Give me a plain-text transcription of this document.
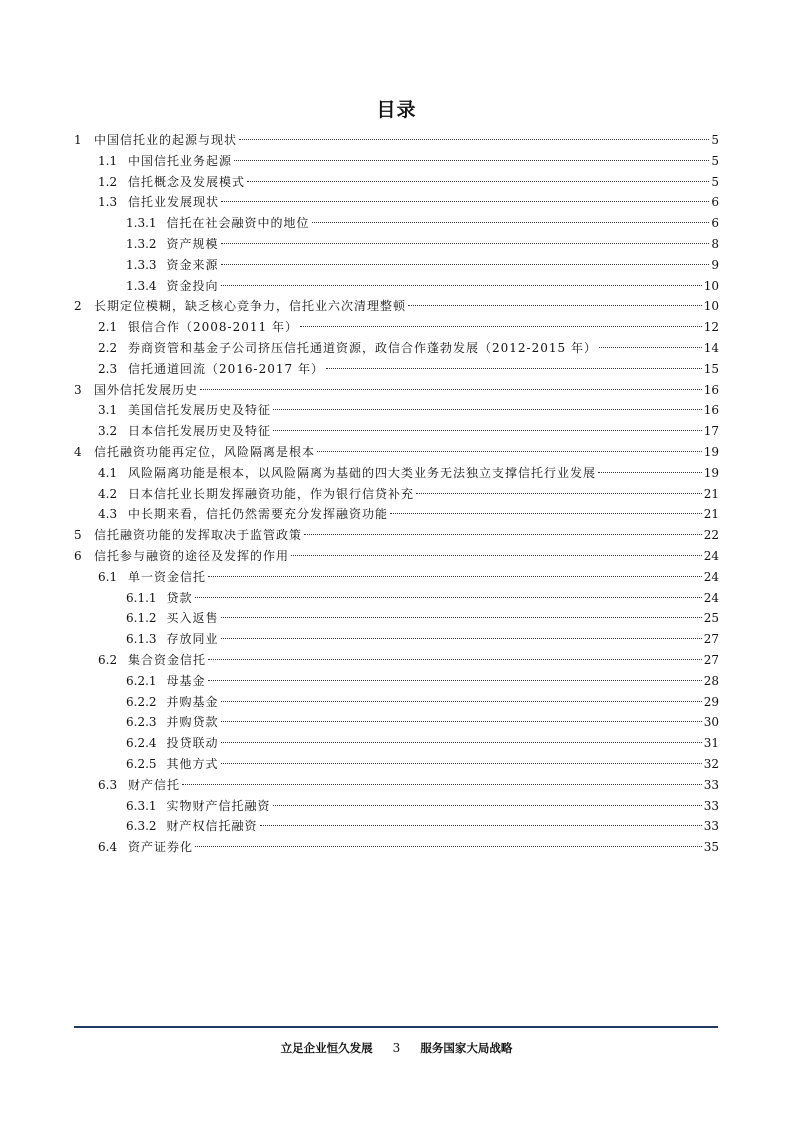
目录
1	中国信托业的起源与现状	5
1.1 中国信托业务起源	5
1.2 信托概念及发展模式	5
1.3 信托业发展现状	6
1.3.1 信托在社会融资中的地位	6
1.3.2 资产规模	8
1.3.3 资金来源	9
1.3.4 资金投向	10
2	长期定位模糊，缺乏核心竞争力，信托业六次清理整顿	10
2.1 银信合作（2008-2011 年）	12
2.2 券商资管和基金子公司挤压信托通道资源，政信合作蓬勃发展（2012-2015 年）	14
2.3 信托通道回流（2016-2017 年）	15
3	国外信托发展历史	16
3.1 美国信托发展历史及特征	16
3.2 日本信托发展历史及特征	17
4	信托融资功能再定位，风险隔离是根本	19
4.1 风险隔离功能是根本，以风险隔离为基础的四大类业务无法独立支撑信托行业发展	19
4.2 日本信托业长期发挥融资功能，作为银行信贷补充	21
4.3 中长期来看，信托仍然需要充分发挥融资功能	21
5	信托融资功能的发挥取决于监管政策	22
6	信托参与融资的途径及发挥的作用	24
6.1 单一资金信托	24
6.1.1 贷款	24
6.1.2 买入返售	25
6.1.3 存放同业	27
6.2 集合资金信托	27
6.2.1 母基金	28
6.2.2 并购基金	29
6.2.3 并购贷款	30
6.2.4 投贷联动	31
6.2.5 其他方式	32
6.3 财产信托	33
6.3.1 实物财产信托融资	33
6.3.2 财产权信托融资	33
6.4 资产证券化	35
立足企业恒久发展 3 服务国家大局战略
